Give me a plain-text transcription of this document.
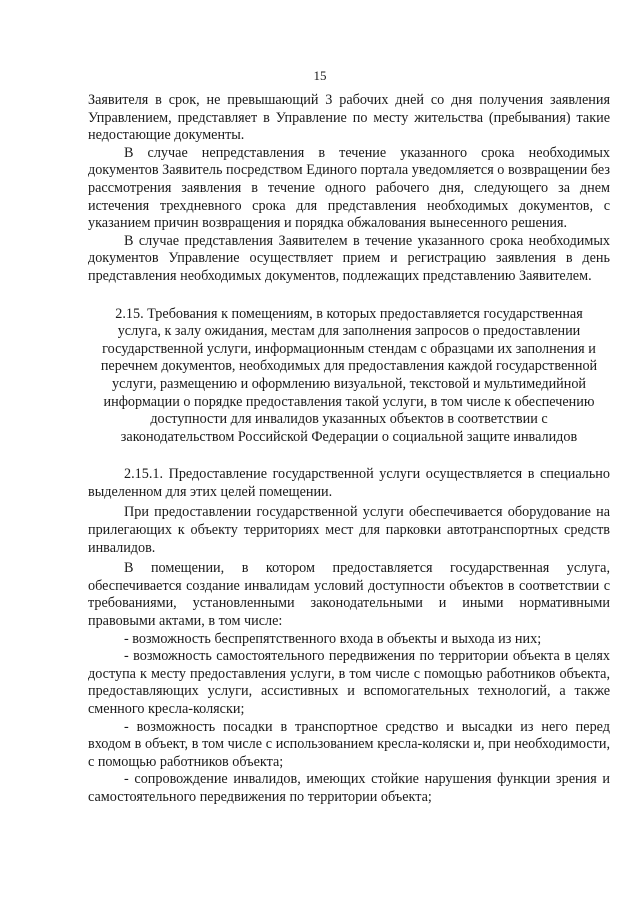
15

Заявителя в срок, не превышающий 3 рабочих дней со дня получения заявления Управлением, представляет в Управление по месту жительства (пребывания) такие недостающие документы.

В случае непредставления в течение указанного срока необходимых документов Заявитель посредством Единого портала уведомляется о возвращении без рассмотрения заявления в течение одного рабочего дня, следующего за днем истечения трехдневного срока для представления необходимых документов, с указанием причин возвращения и порядка обжалования вынесенного решения.

В случае представления Заявителем в течение указанного срока необходимых документов Управление осуществляет прием и регистрацию заявления в день представления необходимых документов, подлежащих представлению Заявителем.

2.15. Требования к помещениям, в которых предоставляется государственная услуга, к залу ожидания, местам для заполнения запросов о предоставлении государственной услуги, информационным стендам с образцами их заполнения и перечнем документов, необходимых для предоставления каждой государственной услуги, размещению и оформлению визуальной, текстовой и мультимедийной информации о порядке предоставления такой услуги, в том числе к обеспечению доступности для инвалидов указанных объектов в соответствии с законодательством Российской Федерации о социальной защите инвалидов

2.15.1. Предоставление государственной услуги осуществляется в специально выделенном для этих целей помещении.

При предоставлении государственной услуги обеспечивается оборудование на прилегающих к объекту территориях мест для парковки автотранспортных средств инвалидов.

В помещении, в котором предоставляется государственная услуга, обеспечивается создание инвалидам условий доступности объектов в соответствии с требованиями, установленными законодательными и иными нормативными правовыми актами, в том числе:

- возможность беспрепятственного входа в объекты и выхода из них;

- возможность самостоятельного передвижения по территории объекта в целях доступа к месту предоставления услуги, в том числе с помощью работников объекта, предоставляющих услуги, ассистивных и вспомогательных технологий, а также сменного кресла-коляски;

- возможность посадки в транспортное средство и высадки из него перед входом в объект, в том числе с использованием кресла-коляски и, при необходимости, с помощью работников объекта;

- сопровождение инвалидов, имеющих стойкие нарушения функции зрения и самостоятельного передвижения по территории объекта;
